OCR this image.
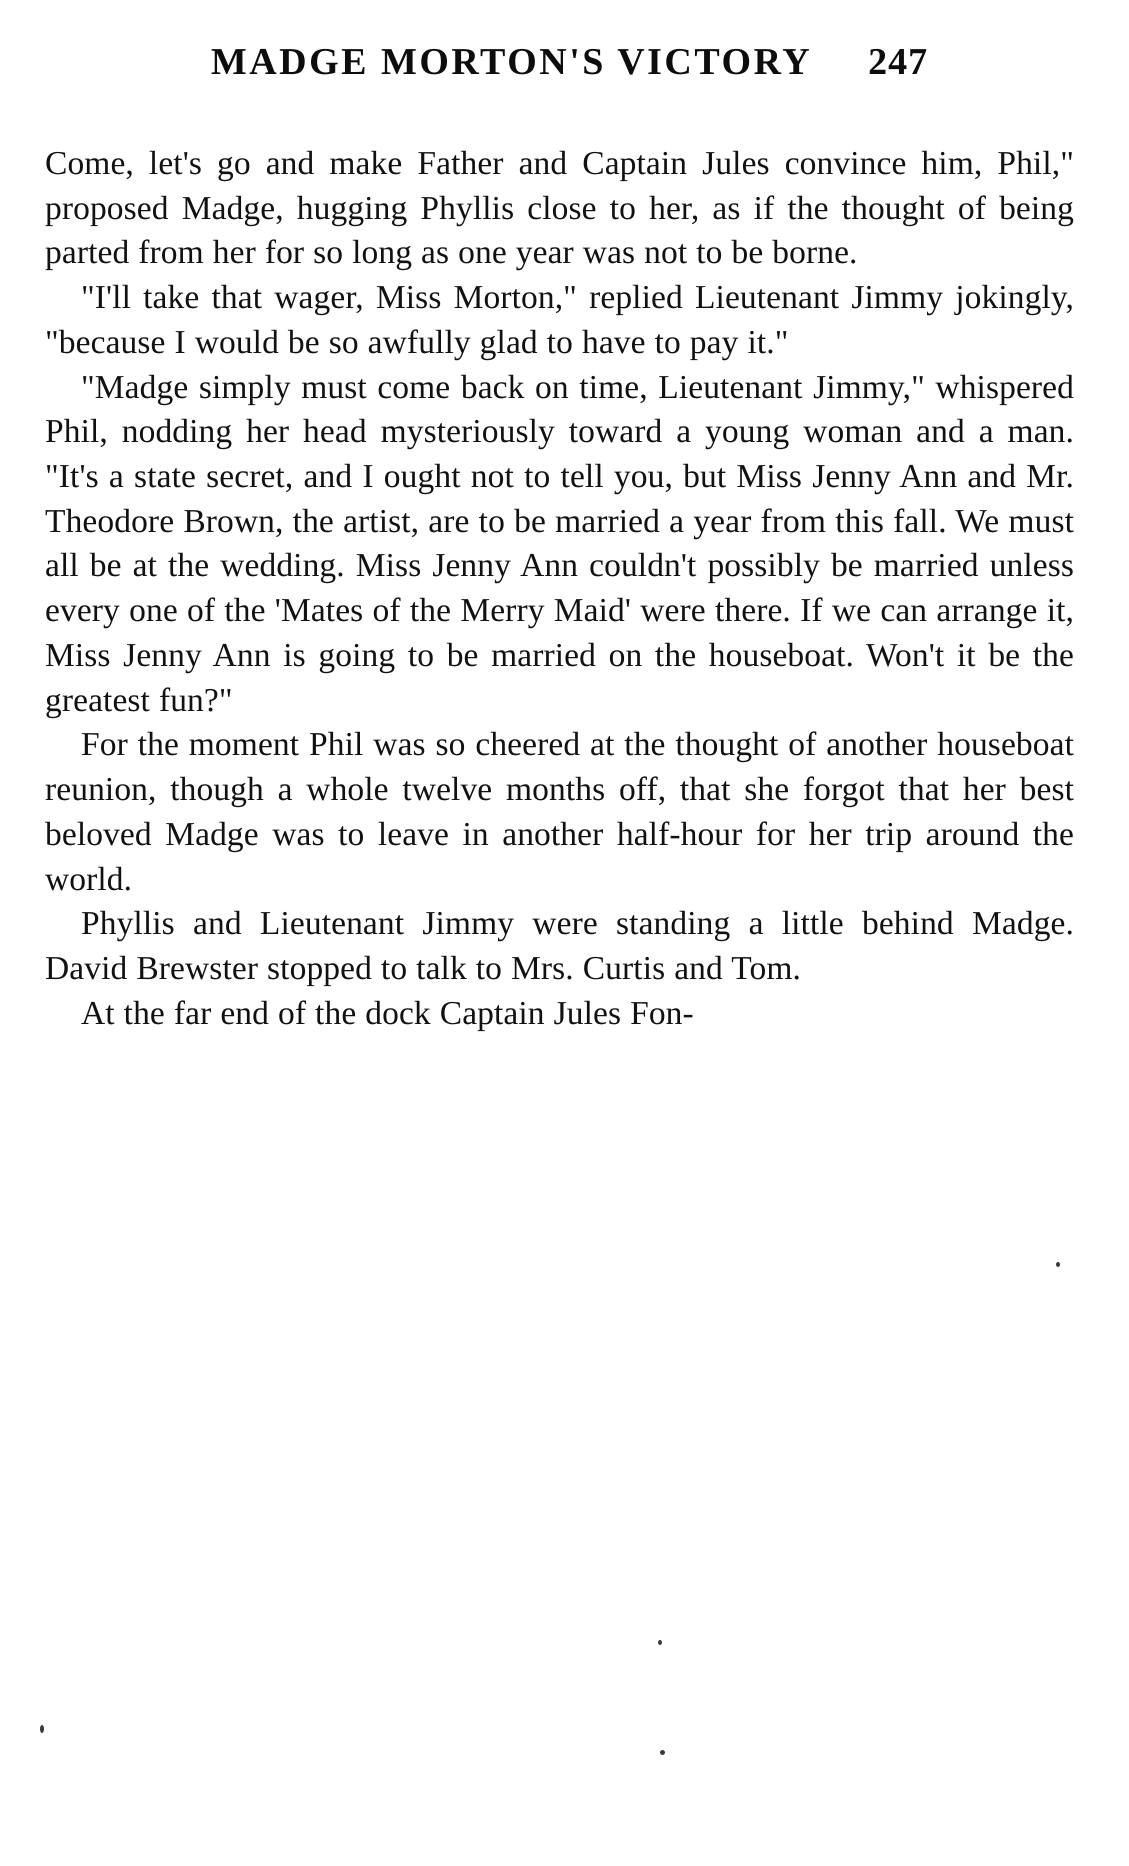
MADGE MORTON'S VICTORY 247

Come, let's go and make Father and Captain Jules convince him, Phil," proposed Madge, hugging Phyllis close to her, as if the thought of being parted from her for so long as one year was not to be borne.

"I'll take that wager, Miss Morton," replied Lieutenant Jimmy jokingly, "because I would be so awfully glad to have to pay it."

"Madge simply must come back on time, Lieutenant Jimmy," whispered Phil, nodding her head mysteriously toward a young woman and a man. "It's a state secret, and I ought not to tell you, but Miss Jenny Ann and Mr. Theodore Brown, the artist, are to be married a year from this fall. We must all be at the wedding. Miss Jenny Ann couldn't possibly be married unless every one of the 'Mates of the Merry Maid' were there. If we can arrange it, Miss Jenny Ann is going to be married on the houseboat. Won't it be the greatest fun?"

For the moment Phil was so cheered at the thought of another houseboat reunion, though a whole twelve months off, that she forgot that her best beloved Madge was to leave in another half-hour for her trip around the world.

Phyllis and Lieutenant Jimmy were standing a little behind Madge. David Brewster stopped to talk to Mrs. Curtis and Tom.

At the far end of the dock Captain Jules Fon-
